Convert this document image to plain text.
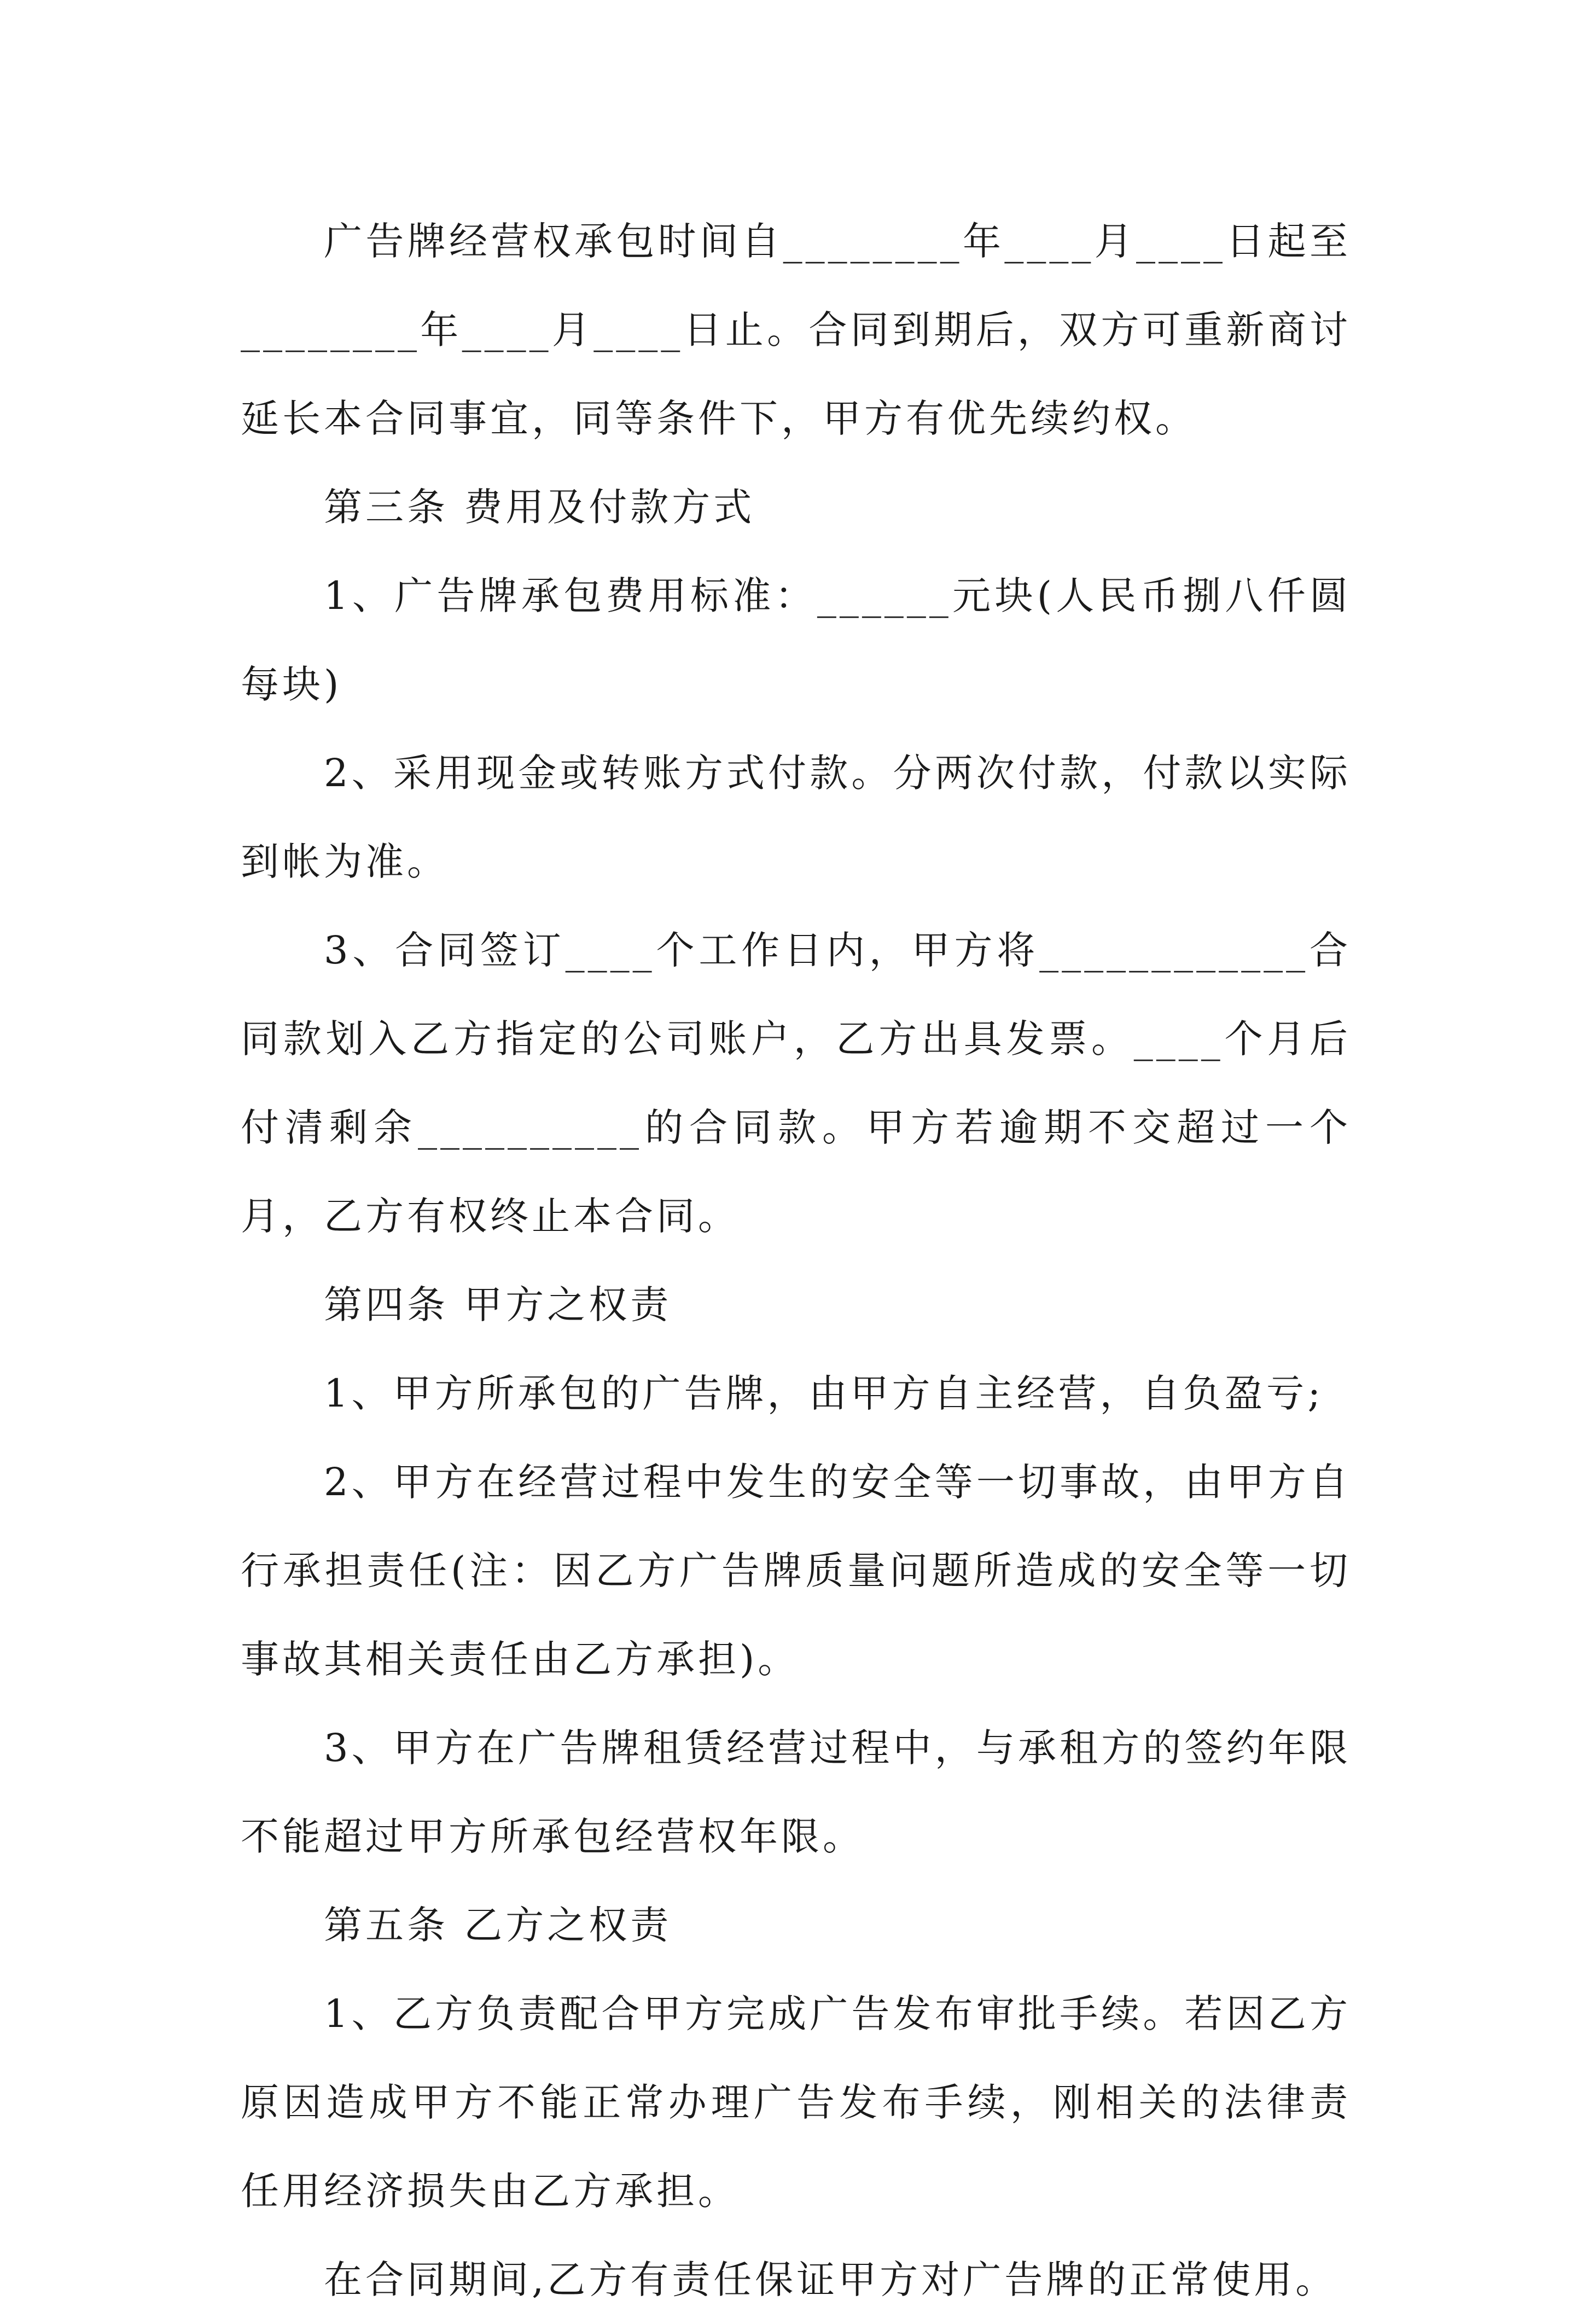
广告牌经营权承包时间自________年____月____日起至________年____月____日止。合同到期后，双方可重新商讨延长本合同事宜，同等条件下，甲方有优先续约权。

第三条 费用及付款方式

1、广告牌承包费用标准：______元块(人民币捌八仟圆每块)

2、采用现金或转账方式付款。分两次付款，付款以实际到帐为准。

3、合同签订____个工作日内，甲方将____________合同款划入乙方指定的公司账户，乙方出具发票。____个月后付清剩余__________的合同款。甲方若逾期不交超过一个月，乙方有权终止本合同。

第四条 甲方之权责

1、甲方所承包的广告牌，由甲方自主经营，自负盈亏;

2、甲方在经营过程中发生的安全等一切事故，由甲方自行承担责任(注：因乙方广告牌质量问题所造成的安全等一切事故其相关责任由乙方承担)。

3、甲方在广告牌租赁经营过程中，与承租方的签约年限不能超过甲方所承包经营权年限。

第五条 乙方之权责

1、乙方负责配合甲方完成广告发布审批手续。若因乙方原因造成甲方不能正常办理广告发布手续，刚相关的法律责任用经济损失由乙方承担。

在合同期间,乙方有责任保证甲方对广告牌的正常使用。
